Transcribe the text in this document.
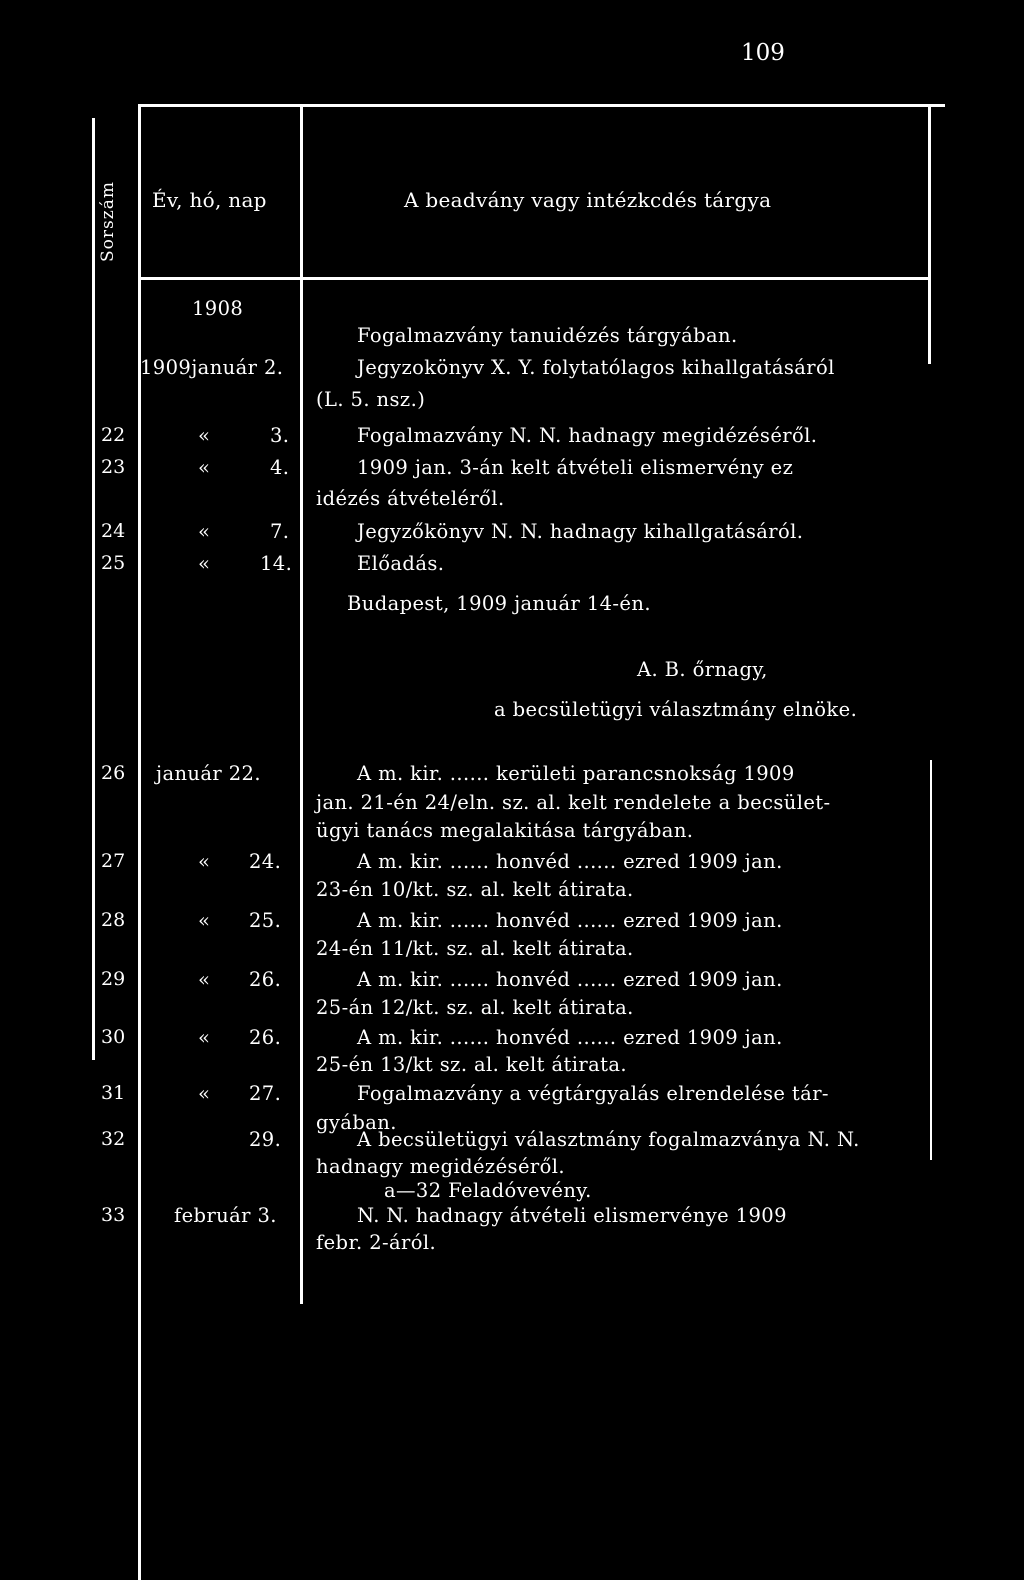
109
Sorszám Év, hó, nap	A beadvány vagy intézkcdés tárgya
1908
Fogalmazvány tanuidézés tárgyában.
1909január 2.	Jegyzokönyv X. Y. folytatólagos kihallgatásáról
(L. 5. nsz.)
22	«	3.	Fogalmazvány N. N. hadnagy megidézéséről.
23	«	4.	1909 jan. 3-án kelt átvételi elismervény ez
idézés átvételéről.
24	«	7.	Jegyzőkönyv N. N. hadnagy kihallgatásáról.
25	«	14.	Előadás.
Budapest, 1909 január 14-én.
A. B. őrnagy,
a becsületügyi választmány elnöke.
26 január 22.	A m. kir. ...... kerületi parancsnokság 1909
jan. 21-én 24/eln. sz. al. kelt rendelete a becsület-
ügyi tanács megalakitása tárgyában.
27	« 24.	A m. kir. ...... honvéd ...... ezred 1909 jan.
23-én 10/kt. sz. al. kelt átirata.
28	« 25.	A m. kir. ...... honvéd ...... ezred 1909 jan.
24-én 11/kt. sz. al. kelt átirata.
29	« 26.	A m. kir. ...... honvéd ...... ezred 1909 jan.
25-án 12/kt. sz. al. kelt átirata.
30	« 26.	A m. kir. ...... honvéd ...... ezred 1909 jan.
25-én 13/kt sz. al. kelt átirata.
31	« 27.	Fogalmazvány a végtárgyalás elrendelése tár-
gyában.
32	29.	A becsületügyi választmány fogalmazványa N. N.
hadnagy megidézéséről.
a—32 Feladóvevény.
33	február 3.	N. N. hadnagy átvételi elismervénye 1909
febr. 2-áról.
